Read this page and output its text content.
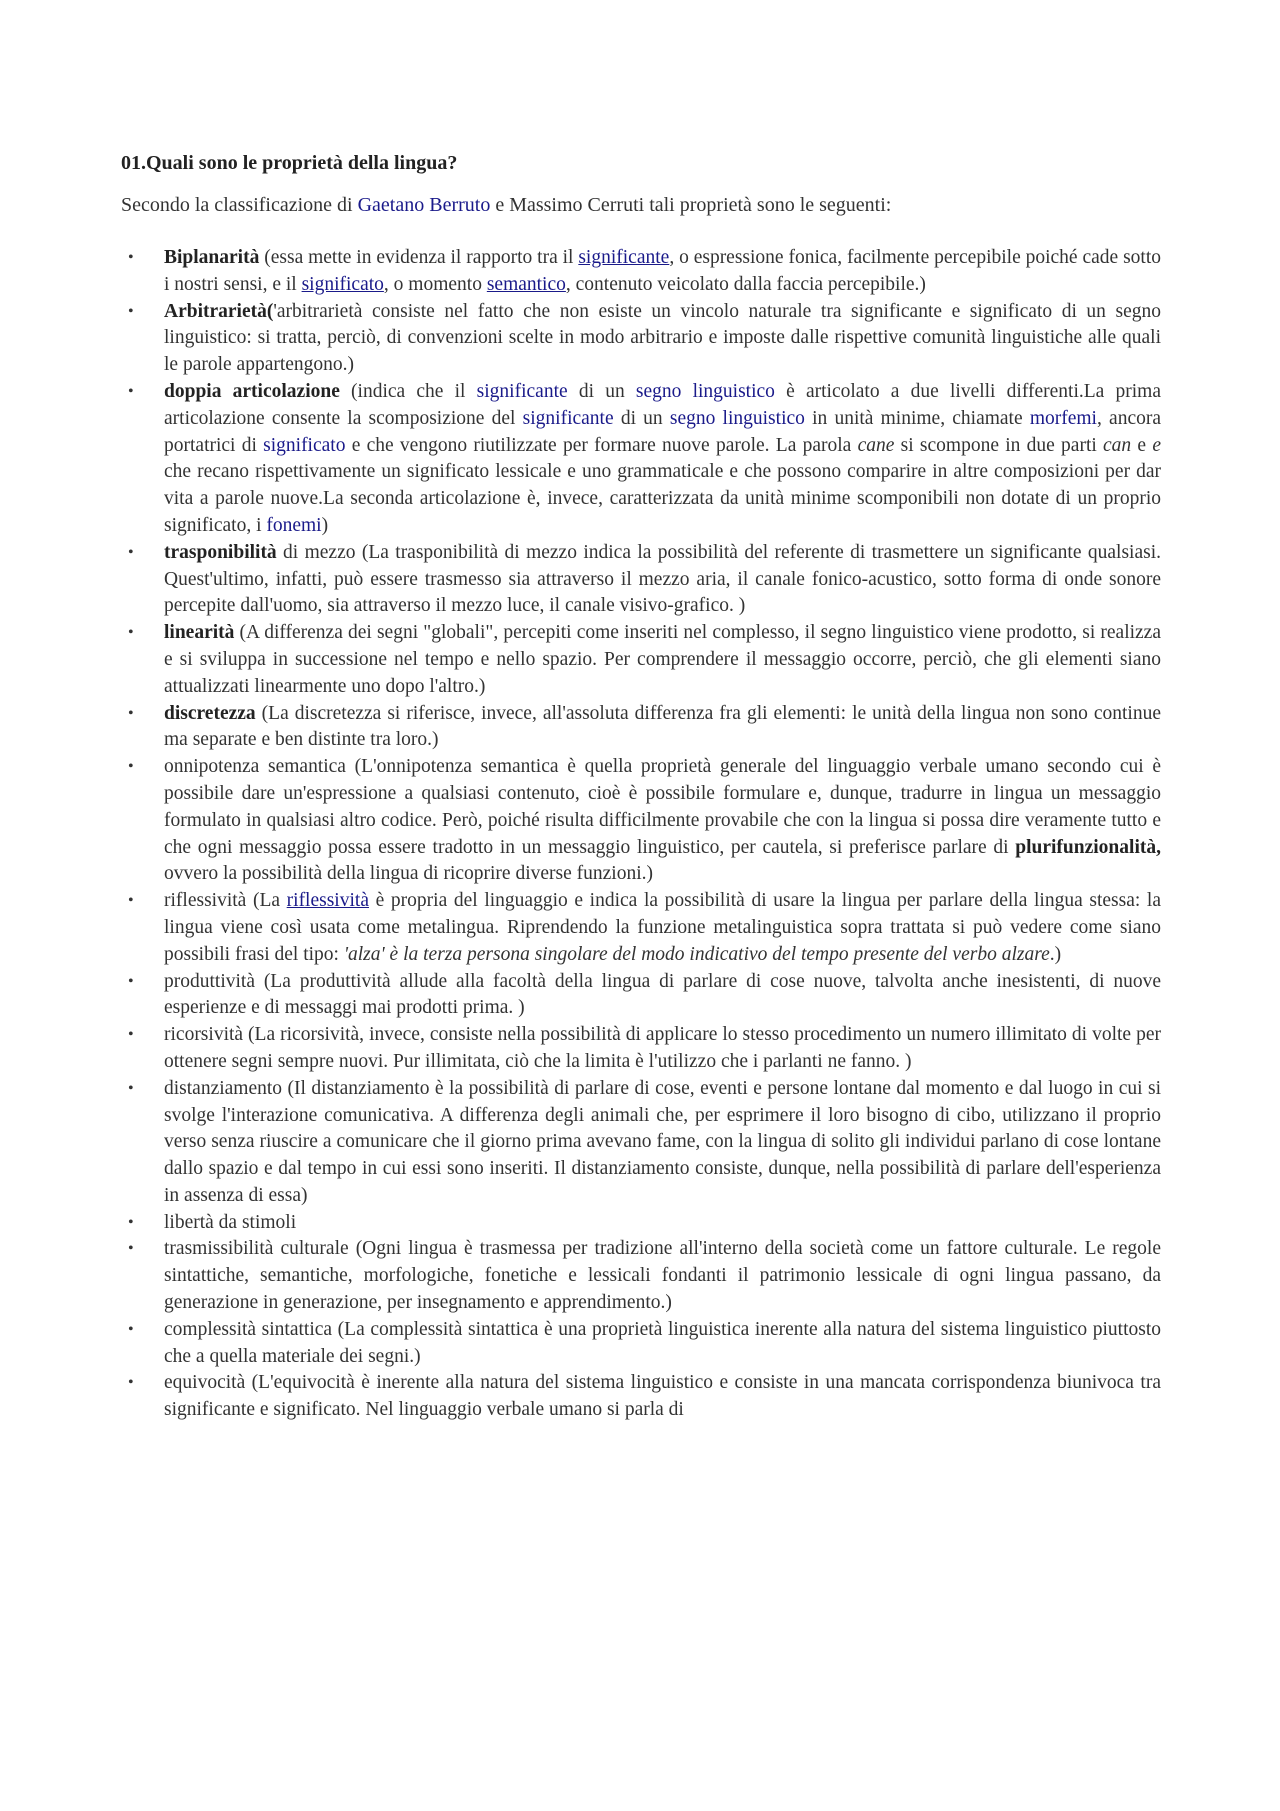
01.Quali sono le proprietà della lingua?

Secondo la classificazione di Gaetano Berruto e Massimo Cerruti tali proprietà sono le seguenti:

• Biplanarità (essa mette in evidenza il rapporto tra il significante, o espressione fonica, facilmente percepibile poiché cade sotto i nostri sensi, e il significato, o momento semantico, contenuto veicolato dalla faccia percepibile.)
• Arbitrarietà('arbitrarietà consiste nel fatto che non esiste un vincolo naturale tra significante e significato di un segno linguistico: si tratta, perciò, di convenzioni scelte in modo arbitrario e imposte dalle rispettive comunità linguistiche alle quali le parole appartengono.)
• doppia articolazione (indica che il significante di un segno linguistico è articolato a due livelli differenti.La prima articolazione consente la scomposizione del significante di un segno linguistico in unità minime, chiamate morfemi, ancora portatrici di significato e che vengono riutilizzate per formare nuove parole. La parola cane si scompone in due parti can e e che recano rispettivamente un significato lessicale e uno grammaticale e che possono comparire in altre composizioni per dar vita a parole nuove.La seconda articolazione è, invece, caratterizzata da unità minime scomponibili non dotate di un proprio significato, i fonemi)
• trasponibilità di mezzo (La trasponibilità di mezzo indica la possibilità del referente di trasmettere un significante qualsiasi. Quest'ultimo, infatti, può essere trasmesso sia attraverso il mezzo aria, il canale fonico-acustico, sotto forma di onde sonore percepite dall'uomo, sia attraverso il mezzo luce, il canale visivo-grafico. )
• linearità (A differenza dei segni "globali", percepiti come inseriti nel complesso, il segno linguistico viene prodotto, si realizza e si sviluppa in successione nel tempo e nello spazio. Per comprendere il messaggio occorre, perciò, che gli elementi siano attualizzati linearmente uno dopo l'altro.)
• discretezza (La discretezza si riferisce, invece, all'assoluta differenza fra gli elementi: le unità della lingua non sono continue ma separate e ben distinte tra loro.)
• onnipotenza semantica (L'onnipotenza semantica è quella proprietà generale del linguaggio verbale umano secondo cui è possibile dare un'espressione a qualsiasi contenuto, cioè è possibile formulare e, dunque, tradurre in lingua un messaggio formulato in qualsiasi altro codice. Però, poiché risulta difficilmente provabile che con la lingua si possa dire veramente tutto e che ogni messaggio possa essere tradotto in un messaggio linguistico, per cautela, si preferisce parlare di plurifunzionalità, ovvero la possibilità della lingua di ricoprire diverse funzioni.)
• riflessività (La riflessività è propria del linguaggio e indica la possibilità di usare la lingua per parlare della lingua stessa: la lingua viene così usata come metalingua. Riprendendo la funzione metalinguistica sopra trattata si può vedere come siano possibili frasi del tipo: 'alza' è la terza persona singolare del modo indicativo del tempo presente del verbo alzare.)
• produttività (La produttività allude alla facoltà della lingua di parlare di cose nuove, talvolta anche inesistenti, di nuove esperienze e di messaggi mai prodotti prima. )
• ricorsività (La ricorsività, invece, consiste nella possibilità di applicare lo stesso procedimento un numero illimitato di volte per ottenere segni sempre nuovi. Pur illimitata, ciò che la limita è l'utilizzo che i parlanti ne fanno. )
• distanziamento (Il distanziamento è la possibilità di parlare di cose, eventi e persone lontane dal momento e dal luogo in cui si svolge l'interazione comunicativa. A differenza degli animali che, per esprimere il loro bisogno di cibo, utilizzano il proprio verso senza riuscire a comunicare che il giorno prima avevano fame, con la lingua di solito gli individui parlano di cose lontane dallo spazio e dal tempo in cui essi sono inseriti. Il distanziamento consiste, dunque, nella possibilità di parlare dell'esperienza in assenza di essa)
• libertà da stimoli
• trasmissibilità culturale (Ogni lingua è trasmessa per tradizione all'interno della società come un fattore culturale. Le regole sintattiche, semantiche, morfologiche, fonetiche e lessicali fondanti il patrimonio lessicale di ogni lingua passano, da generazione in generazione, per insegnamento e apprendimento.)
• complessità sintattica (La complessità sintattica è una proprietà linguistica inerente alla natura del sistema linguistico piuttosto che a quella materiale dei segni.)
• equivocità (L'equivocità è inerente alla natura del sistema linguistico e consiste in una mancata corrispondenza biunivoca tra significante e significato. Nel linguaggio verbale umano si parla di
